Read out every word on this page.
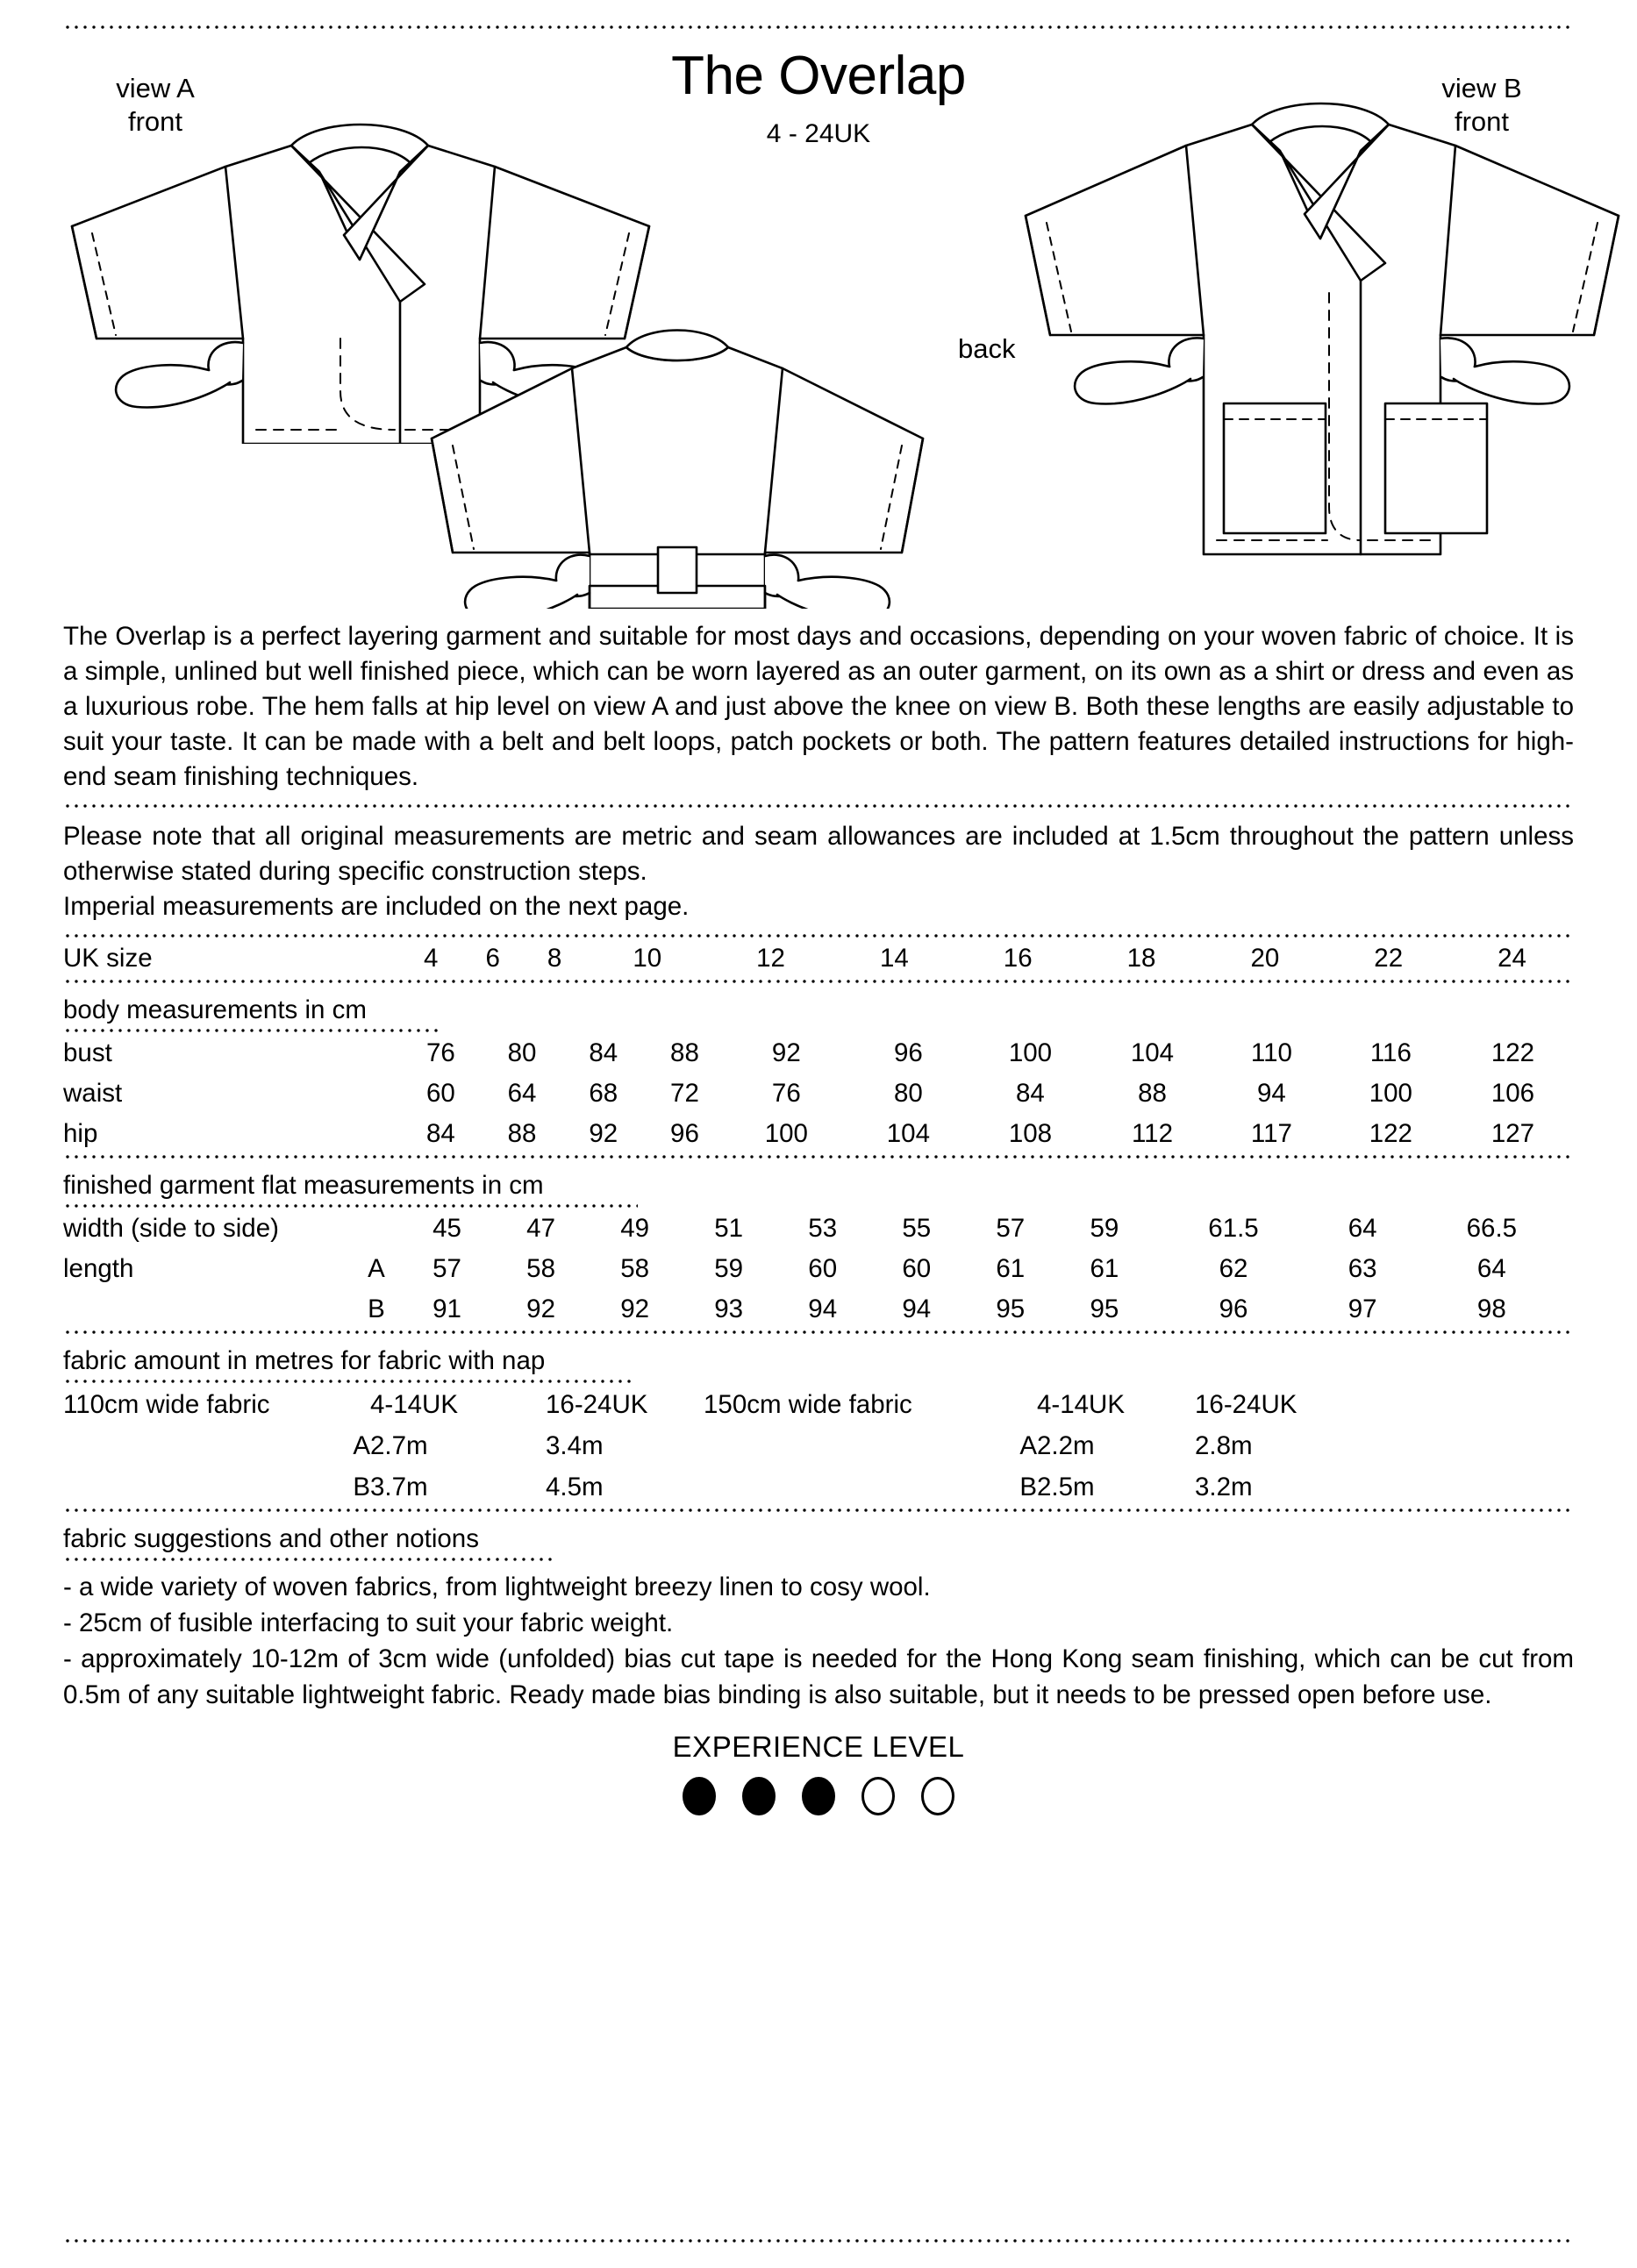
The Overlap
4 - 24UK
view A
front
view B
front
back

The Overlap is a perfect layering garment and suitable for most days and occasions, depending on your woven fabric of choice. It is a simple, unlined but well finished piece, which can be worn layered as an outer garment, on its own as a shirt or dress and even as a luxurious robe. The hem falls at hip level on view A and just above the knee on view B. Both these lengths are easily adjustable to suit your taste. It can be made with a belt and belt loops, patch pockets or both. The pattern features detailed instructions for high-end seam finishing techniques.

Please note that all original measurements are metric and seam allowances are included at 1.5cm throughout the pattern unless otherwise stated during specific construction steps.

Imperial measurements are included on the next page.

UK size		4	6	8	10	12	14	16	18	20	22	24
body measurements in cm
bust		76	80	84	88	92	96	100	104	110	116	122
waist		60	64	68	72	76	80	84	88	94	100	106
hip		84	88	92	96	100	104	108	112	117	122	127
finished garment flat measurements in cm
width (side to side)		45	47	49	51	53	55	57	59	61.5	64	66.5
length	A	57	58	58	59	60	60	61	61	62	63	64
	B	91	92	92	93	94	94	95	95	96	97	98
fabric amount in metres for fabric with nap
110cm wide fabric		4-14UK	16-24UK	150cm wide fabric		4-14UK	16-24UK
	A	2.7m	3.4m		A	2.2m	2.8m
	B	3.7m	4.5m		B	2.5m	3.2m
fabric suggestions and other notions

- a wide variety of woven fabrics, from lightweight breezy linen to cosy wool.

- 25cm of fusible interfacing to suit your fabric weight.

- approximately 10-12m of 3cm wide (unfolded) bias cut tape is needed for the Hong Kong seam finishing, which can be cut from 0.5m of any suitable lightweight fabric. Ready made bias binding is also suitable, but it needs to be pressed open before use.

EXPERIENCE LEVEL
